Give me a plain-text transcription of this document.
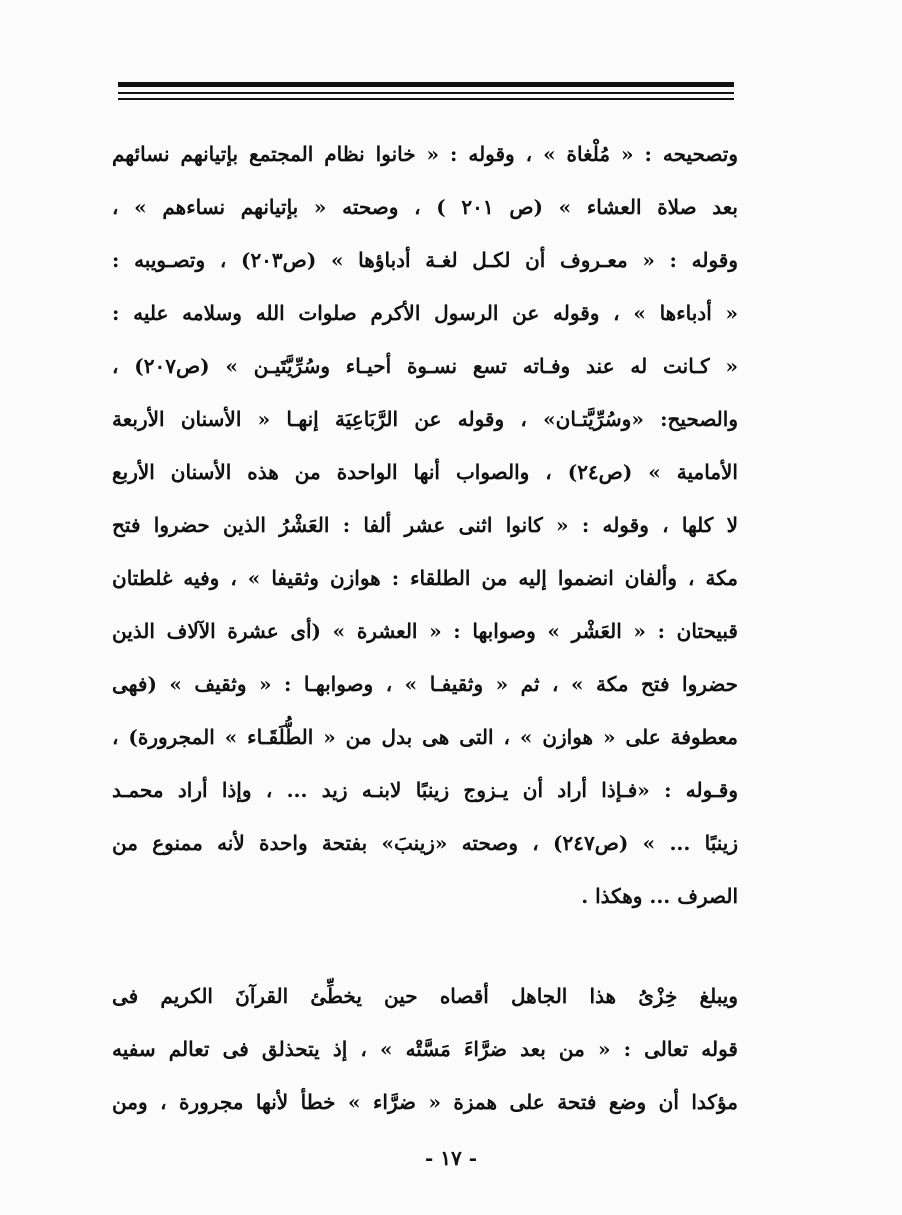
وتصحيحه : « مُلْغاة » ، وقوله : « خانوا نظام المجتمع بإتيانهم نسائهم
بعد صلاة العشاء » (ص ٢٠١ ) ، وصحته « بإتيانهم نساءهم » ،
وقوله : « معـروف أن لكـل لغـة أدباؤها » (ص٢٠٣) ، وتصـويبه :
« أدباءها » ، وقوله عن الرسول الأكرم صلوات الله وسلامه عليه :
« كـانت له عند وفـاته تسع نسـوة أحيـاء وسُرِّيَّتَيـن » (ص٢٠٧) ،
والصحيح: «وسُرِّيَّتـان» ، وقوله عن الرَّبَاعِيَة إنهـا « الأسنان الأربعة
الأمامية » (ص٢٤) ، والصواب أنها الواحدة من هذه الأسنان الأربع
لا كلها ، وقوله : « كانوا اثنى عشر ألفا : العَشْرُ الذين حضروا فتح
مكة ، وألفان انضموا إليه من الطلقاء : هوازن وثقيفا » ، وفيه غلطتان
قبيحتان : « العَشْر » وصوابها : « العشرة » (أى عشرة الآلاف الذين
حضروا فتح مكة » ، ثم « وثقيفـا » ، وصوابهـا : « وثقيف » (فهى
معطوفة على « هوازن » ، التى هى بدل من « الطُّلَقَـاء » المجرورة) ،
وقـوله : «فـإذا أراد أن يـزوج زينبًا لابنـه زيد ... ، وإذا أراد محمـد
زينبًا ... » (ص٢٤٧) ، وصحته «زينبَ» بفتحة واحدة لأنه ممنوع من
الصرف ... وهكذا .
ويبلغ خِزْىُ هذا الجاهل أقصاه حين يخطِّئ القرآنَ الكريم فى
قوله تعالى : « من بعد ضرَّاءَ مَسَّتْه » ، إذ يتحذلق فى تعالم سفيه
مؤكدا أن وضع فتحة على همزة « ضرَّاء » خطأ لأنها مجرورة ، ومن
- ١٧ -
